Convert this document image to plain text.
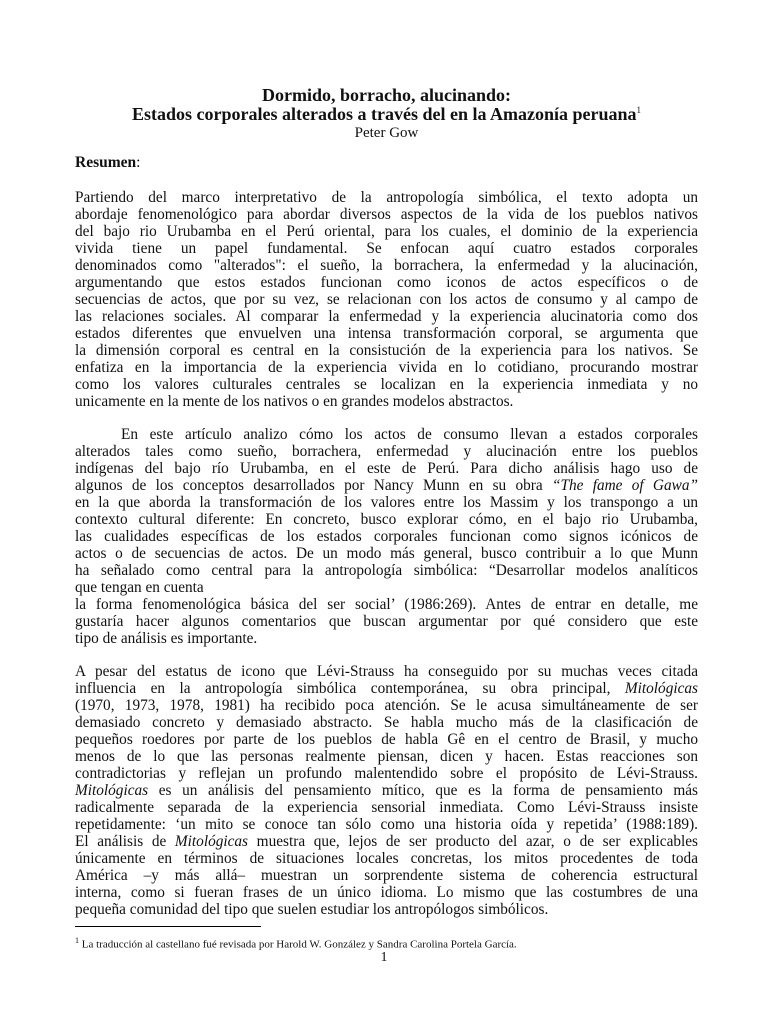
Dormido, borracho, alucinando:

Estados corporales alterados a través del en la Amazonía peruana$^1$

Peter Gow

Resumen:

Partiendo del marco interpretativo de la antropología simbólica, el texto adopta un
abordaje fenomenológico para abordar diversos aspectos de la vida de los pueblos nativos
del bajo rio Urubamba en el Perú oriental, para los cuales, el dominio de la experiencia
vivida tiene un papel fundamental. Se enfocan aquí cuatro estados corporales
denominados como "alterados": el sueño, la borrachera, la enfermedad y la alucinación,
argumentando que estos estados funcionan como iconos de actos específicos o de
secuencias de actos, que por su vez, se relacionan con los actos de consumo y al campo de
las relaciones sociales. Al comparar la enfermedad y la experiencia alucinatoria como dos
estados diferentes que envuelven una intensa transformación corporal, se argumenta que
la dimensión corporal es central en la consistución de la experiencia para los nativos. Se
enfatiza en la importancia de la experiencia vivida en lo cotidiano, procurando mostrar
como los valores culturales centrales se localizan en la experiencia inmediata y no
unicamente en la mente de los nativos o en grandes modelos abstractos.

En este artículo analizo cómo los actos de consumo llevan a estados corporales
alterados tales como sueño, borrachera, enfermedad y alucinación entre los pueblos
indígenas del bajo río Urubamba, en el este de Perú. Para dicho análisis hago uso de
algunos de los conceptos desarrollados por Nancy Munn en su obra “The fame of Gawa”
en la que aborda la transformación de los valores entre los Massim y los transpongo a un
contexto cultural diferente: En concreto, busco explorar cómo, en el bajo rio Urubamba,
las cualidades específicas de los estados corporales funcionan como signos icónicos de
actos o de secuencias de actos. De un modo más general, busco contribuir a lo que Munn
ha señalado como central para la antropología simbólica: “Desarrollar modelos analíticos
que tengan en cuenta
la forma fenomenológica básica del ser social’ (1986:269). Antes de entrar en detalle, me
gustaría hacer algunos comentarios que buscan argumentar por qué considero que este
tipo de análisis es importante.

A pesar del estatus de icono que Lévi-Strauss ha conseguido por su muchas veces citada
influencia en la antropología simbólica contemporánea, su obra principal, Mitológicas
(1970, 1973, 1978, 1981) ha recibido poca atención. Se le acusa simultáneamente de ser
demasiado concreto y demasiado abstracto. Se habla mucho más de la clasificación de
pequeños roedores por parte de los pueblos de habla Gê en el centro de Brasil, y mucho
menos de lo que las personas realmente piensan, dicen y hacen. Estas reacciones son
contradictorias y reflejan un profundo malentendido sobre el propósito de Lévi-Strauss.
Mitológicas es un análisis del pensamiento mítico, que es la forma de pensamiento más
radicalmente separada de la experiencia sensorial inmediata. Como Lévi-Strauss insiste
repetidamente: ‘un mito se conoce tan sólo como una historia oída y repetida’ (1988:189).
El análisis de Mitológicas muestra que, lejos de ser producto del azar, o de ser explicables
únicamente en términos de situaciones locales concretas, los mitos procedentes de toda
América –y más allá– muestran un sorprendente sistema de coherencia estructural
interna, como si fueran frases de un único idioma. Lo mismo que las costumbres de una
pequeña comunidad del tipo que suelen estudiar los antropólogos simbólicos.

$^1$ La traducción al castellano fué revisada por Harold W. González y Sandra Carolina Portela García.
1
